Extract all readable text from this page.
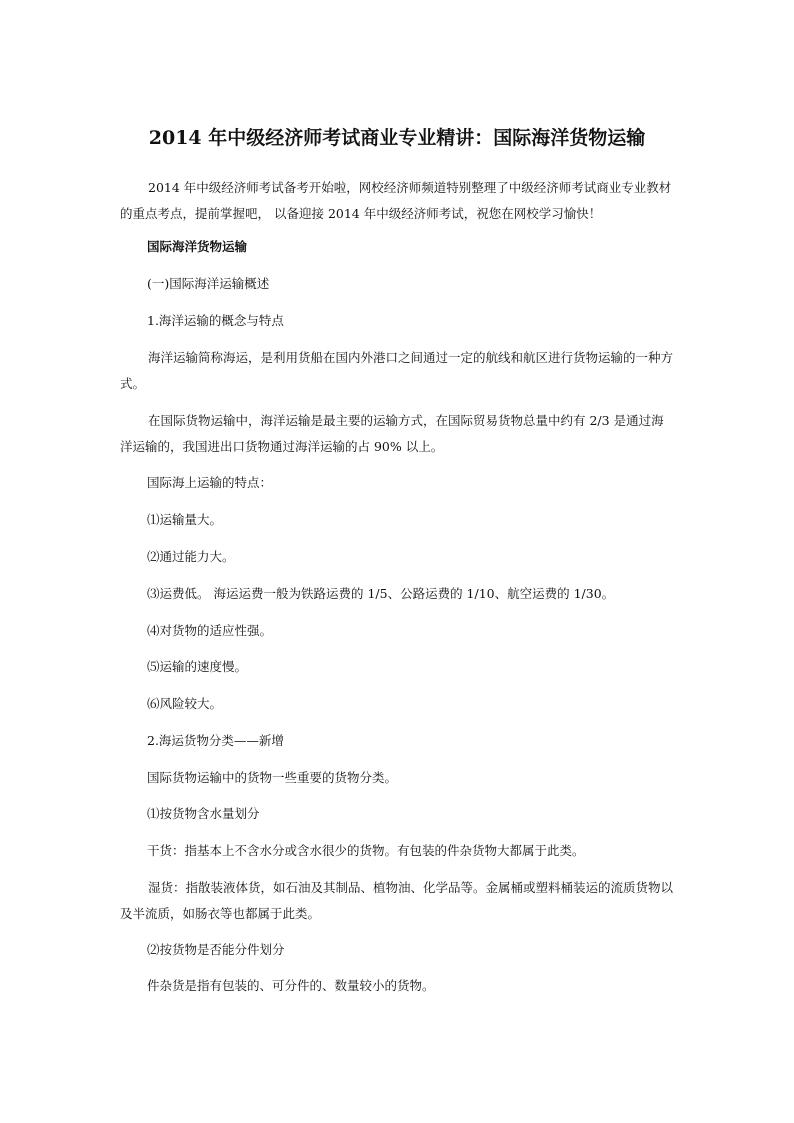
2014 年中级经济师考试商业专业精讲：国际海洋货物运输

2014 年中级经济师考试备考开始啦，网校经济师频道特别整理了中级经济师考试商业专业教材的重点考点，提前掌握吧， 以备迎接 2014 年中级经济师考试，祝您在网校学习愉快！

国际海洋货物运输

(一)国际海洋运输概述

1.海洋运输的概念与特点

海洋运输简称海运，是利用货船在国内外港口之间通过一定的航线和航区进行货物运输的一种方式。

在国际货物运输中，海洋运输是最主要的运输方式，在国际贸易货物总量中约有 2/3 是通过海洋运输的，我国进出口货物通过海洋运输的占 90% 以上。

国际海上运输的特点：

⑴运输量大。

⑵通过能力大。

⑶运费低。 海运运费一般为铁路运费的 1/5、公路运费的 1/10、航空运费的 1/30。

⑷对货物的适应性强。

⑸运输的速度慢。

⑹风险较大。

2.海运货物分类——新增

国际货物运输中的货物一些重要的货物分类。

⑴按货物含水量划分

干货：指基本上不含水分或含水很少的货物。有包装的件杂货物大都属于此类。

湿货：指散装液体货，如石油及其制品、植物油、化学品等。金属桶或塑料桶装运的流质货物以及半流质，如肠衣等也都属于此类。

⑵按货物是否能分件划分

件杂货是指有包装的、可分件的、数量较小的货物。
